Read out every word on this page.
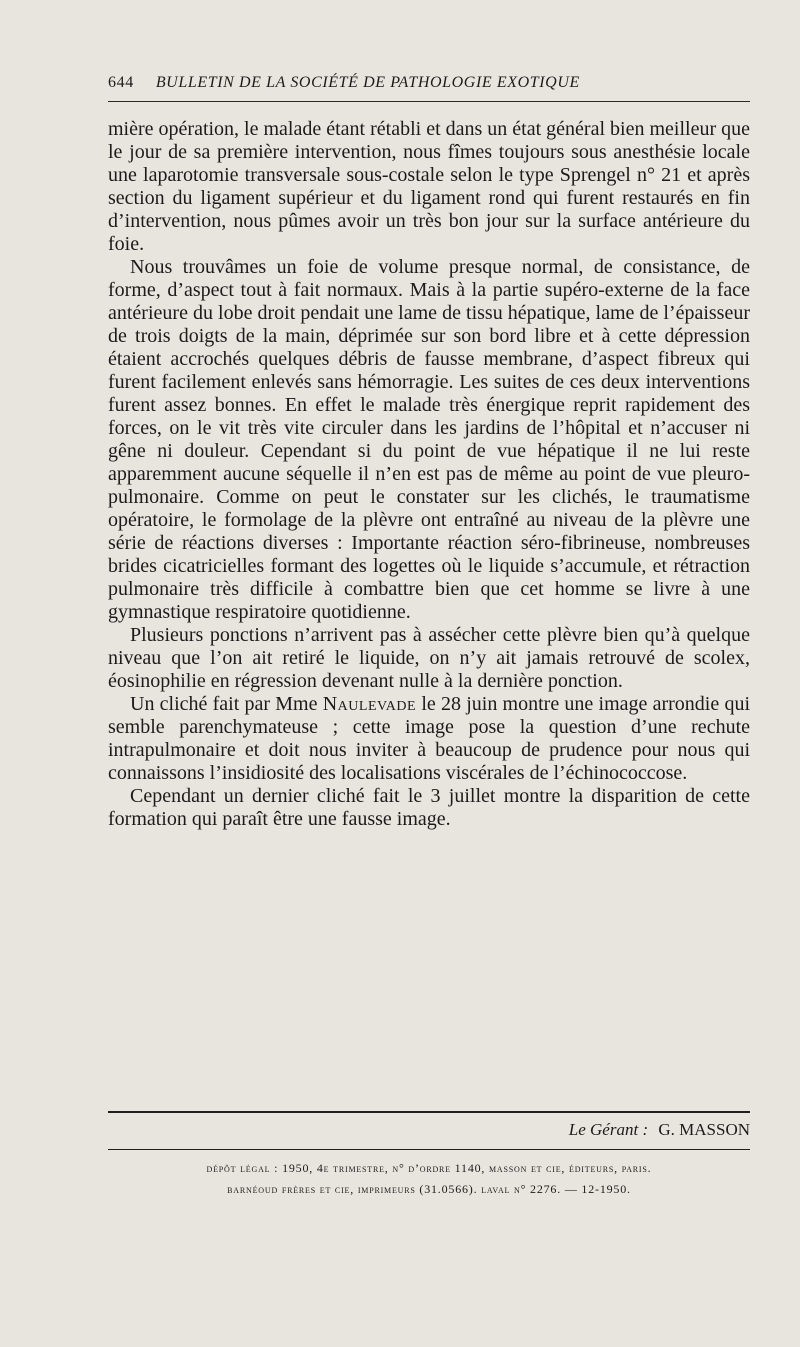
644 BULLETIN DE LA SOCIÉTÉ DE PATHOLOGIE EXOTIQUE

mière opération, le malade étant rétabli et dans un état général bien meilleur que le jour de sa première intervention, nous fîmes toujours sous anesthésie locale une laparotomie transversale sous-costale selon le type Sprengel n° 21 et après section du ligament supérieur et du ligament rond qui furent restaurés en fin d’intervention, nous pûmes avoir un très bon jour sur la surface antérieure du foie.

Nous trouvâmes un foie de volume presque normal, de consistance, de forme, d’aspect tout à fait normaux. Mais à la partie supéro-externe de la face antérieure du lobe droit pendait une lame de tissu hépatique, lame de l’épaisseur de trois doigts de la main, déprimée sur son bord libre et à cette dépression étaient accrochés quelques débris de fausse membrane, d’aspect fibreux qui furent facilement enlevés sans hémorragie. Les suites de ces deux interventions furent assez bonnes. En effet le malade très énergique reprit rapidement des forces, on le vit très vite circuler dans les jardins de l’hôpital et n’accuser ni gêne ni douleur. Cependant si du point de vue hépatique il ne lui reste apparemment aucune séquelle il n’en est pas de même au point de vue pleuro-pulmonaire. Comme on peut le constater sur les clichés, le traumatisme opératoire, le formolage de la plèvre ont entraîné au niveau de la plèvre une série de réactions diverses : Importante réaction séro-fibrineuse, nombreuses brides cicatricielles formant des logettes où le liquide s’accumule, et rétraction pulmonaire très difficile à combattre bien que cet homme se livre à une gymnastique respiratoire quotidienne.

Plusieurs ponctions n’arrivent pas à assécher cette plèvre bien qu’à quelque niveau que l’on ait retiré le liquide, on n’y ait jamais retrouvé de scolex, éosinophilie en régression devenant nulle à la dernière ponction.

Un cliché fait par Mme Naulevade le 28 juin montre une image arrondie qui semble parenchymateuse ; cette image pose la question d’une rechute intrapulmonaire et doit nous inviter à beaucoup de prudence pour nous qui connaissons l’insidiosité des localisations viscérales de l’échinococcose.

Cependant un dernier cliché fait le 3 juillet montre la disparition de cette formation qui paraît être une fausse image.

Le Gérant : G. MASSON
dépôt légal : 1950, 4e trimestre, n° d’ordre 1140, masson et cie, éditeurs, paris.
barnéoud frères et cie, imprimeurs (31.0566). laval n° 2276. — 12-1950.
